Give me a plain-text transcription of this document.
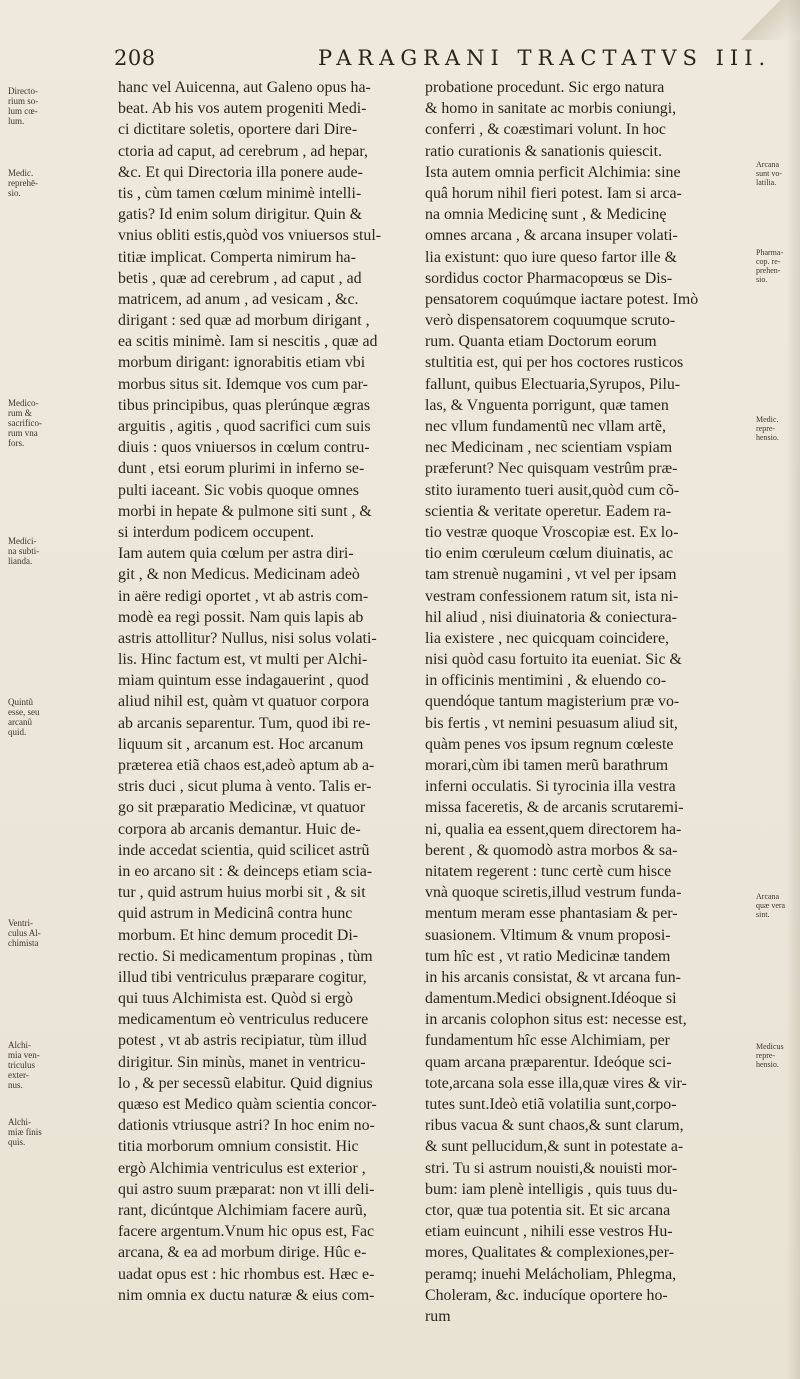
208	PARAGRANI TRACTATVS III.
hanc vel Auicenna, aut Galeno opus ha-
beat. Ab his vos autem progeniti Medi-
ci dictitare soletis, oportere dari Dire-
ctoria ad caput, ad cerebrum , ad hepar,
&c. Et qui Directoria illa ponere aude-
tis , cùm tamen cœlum minimè intelli-
gatis? Id enim solum dirigitur. Quin &
vnius obliti estis,quòd vos vniuersos stul-
titiæ implicat. Comperta nimirum ha-
betis , quæ ad cerebrum , ad caput , ad
matricem, ad anum , ad vesicam , &c.
dirigant : sed quæ ad morbum dirigant ,
ea scitis minimè. Iam si nescitis , quæ ad
morbum dirigant: ignorabitis etiam vbi
morbus situs sit. Idemque vos cum par-
tibus principibus, quas plerúnque ægras
arguitis , agitis , quod sacrifici cum suis
diuis : quos vniuersos in cœlum contru-
dunt , etsi eorum plurimi in inferno se-
pulti iaceant. Sic vobis quoque omnes
morbi in hepate & pulmone siti sunt , &
si interdum podicem occupent.
Iam autem quia cœlum per astra diri-
git , & non Medicus. Medicinam adeò
in aëre redigi oportet , vt ab astris com-
modè ea regi possit. Nam quis lapis ab
astris attollitur? Nullus, nisi solus volati-
lis. Hinc factum est, vt multi per Alchi-
miam quintum esse indagauerint , quod
aliud nihil est, quàm vt quatuor corpora
ab arcanis separentur. Tum, quod ibi re-
liquum sit , arcanum est. Hoc arcanum
præterea etiã chaos est,adeò aptum ab a-
stris duci , sicut pluma à vento. Talis er-
go sit præparatio Medicinæ, vt quatuor
corpora ab arcanis demantur. Huic de-
inde accedat scientia, quid scilicet astrũ
in eo arcano sit : & deinceps etiam scia-
tur , quid astrum huius morbi sit , & sit
quid astrum in Medicinâ contra hunc
morbum. Et hinc demum procedit Di-
rectio. Si medicamentum propinas , tùm
illud tibi ventriculus præparare cogitur,
qui tuus Alchimista est. Quòd si ergò
medicamentum eò ventriculus reducere
potest , vt ab astris recipiatur, tùm illud
dirigitur. Sin minùs, manet in ventricu-
lo , & per secessũ elabitur. Quid dignius
quæso est Medico quàm scientia concor-
dationis vtriusque astri? In hoc enim no-
titia morborum omnium consistit. Hic
ergò Alchimia ventriculus est exterior ,
qui astro suum præparat: non vt illi deli-
rant, dicúntque Alchimiam facere aurũ,
facere argentum.Vnum hic opus est, Fac
arcana, & ea ad morbum dirige. Hûc e-
uadat opus est : hic rhombus est. Hæc e-
nim omnia ex ductu naturæ & eius com-
probatione procedunt. Sic ergo natura
& homo in sanitate ac morbis coniungi,
conferri , & coæstimari volunt. In hoc
ratio curationis & sanationis quiescit.
Ista autem omnia perficit Alchimia: sine
quâ horum nihil fieri potest. Iam si arca-
na omnia Medicinę sunt , & Medicinę
omnes arcana , & arcana insuper volati-
lia existunt: quo iure queso fartor ille &
sordidus coctor Pharmacopœus se Dis-
pensatorem coquúmque iactare potest. Imò
verò dispensatorem coquumque scruto-
rum. Quanta etiam Doctorum eorum
stultitia est, qui per hos coctores rusticos
fallunt, quibus Electuaria,Syrupos, Pilu-
las, & Vnguenta porrigunt, quæ tamen
nec vllum fundamentũ nec vllam artẽ,
nec Medicinam , nec scientiam vspiam
præferunt? Nec quisquam vestrûm præ-
stito iuramento tueri ausit,quòd cum cõ-
scientia & veritate operetur. Eadem ra-
tio vestræ quoque Vroscopiæ est. Ex lo-
tio enim cœruleum cœlum diuinatis, ac
tam strenuè nugamini , vt vel per ipsam
vestram confessionem ratum sit, ista ni-
hil aliud , nisi diuinatoria & coniectura-
lia existere , nec quicquam coincidere,
nisi quòd casu fortuito ita eueniat. Sic &
in officinis mentimini , & eluendo co-
quendóque tantum magisterium præ vo-
bis fertis , vt nemini pesuasum aliud sit,
quàm penes vos ipsum regnum cœleste
morari,cùm ibi tamen merũ barathrum
inferni occulatis. Si tyrocinia illa vestra
missa faceretis, & de arcanis scrutaremi-
ni, qualia ea essent,quem directorem ha-
berent , & quomodò astra morbos & sa-
nitatem regerent : tunc certè cum hisce
vnà quoque sciretis,illud vestrum funda-
mentum meram esse phantasiam & per-
suasionem. Vltimum & vnum proposi-
tum hîc est , vt ratio Medicinæ tandem
in his arcanis consistat, & vt arcana fun-
damentum.Medici obsignent.Idéoque si
in arcanis colophon situs est: necesse est,
fundamentum hîc esse Alchimiam, per
quam arcana præparentur. Ideóque sci-
tote,arcana sola esse illa,quæ vires & vir-
tutes sunt.Ideò etiã volatilia sunt,corpo-
ribus vacua & sunt chaos,& sunt clarum,
& sunt pellucidum,& sunt in potestate a-
stri. Tu si astrum nouisti,& nouisti mor-
bum: iam plenè intelligis , quis tuus du-
ctor, quæ tua potentia sit. Et sic arcana
etiam euincunt , nihili esse vestros Hu-
mores, Qualitates & complexiones,per-
peramq; inuehi Melácholiam, Phlegma,
Choleram, &c. inducíque oportere ho-
rum
Directo-
rium so-
lum cœ-
lum.
Medic.
reprehē-
sio.
Medico-
rum &
sacrifico-
rum vna
fors.
Medici-
na subti-
lianda.
Quintũ
esse, seu
arcanũ
quid.
Ventri-
culus Al-
chimista
Alchi-
mia ven-
triculus
exter-
nus.
Alchi-
miæ finis
quis.
Arcana
sunt vo-
latilia.
Pharma-
cop. re-
prehen-
sio.
Medic.
repre-
hensio.
Arcana
quæ vera
sint.
Medicus
repre-
hensio.
